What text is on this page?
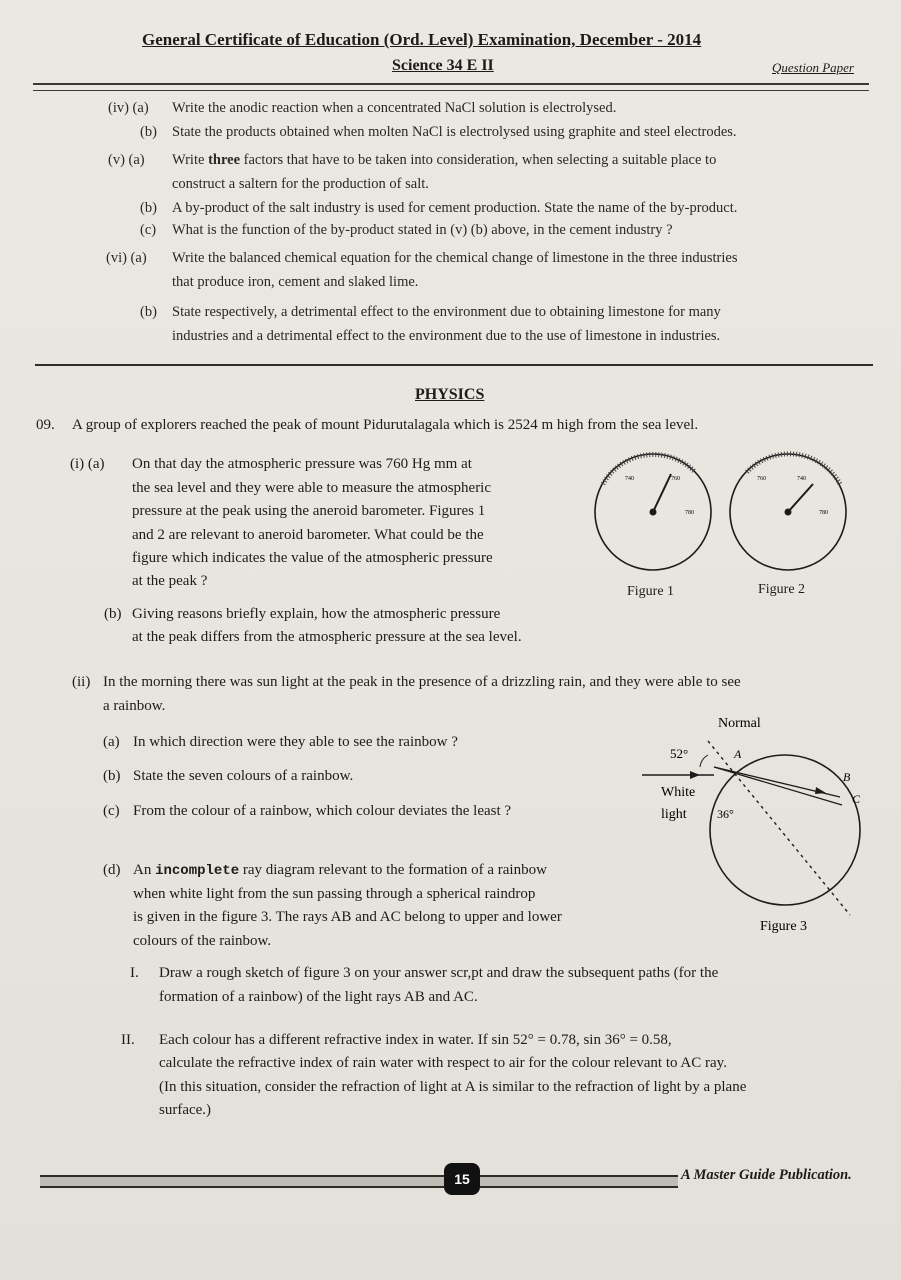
General Certificate of Education (Ord. Level) Examination, December - 2014
Science 34 E II	Question Paper
(iv) (a) Write the anodic reaction when a concentrated NaCl solution is electrolysed.
(b) State the products obtained when molten NaCl is electrolysed using graphite and steel electrodes.
(v) (a) Write three factors that have to be taken into consideration, when selecting a suitable place to
construct a saltern for the production of salt.
(b) A by-product of the salt industry is used for cement production. State the name of the by-product.
(c) What is the function of the by-product stated in (v) (b) above, in the cement industry ?
(vi) (a) Write the balanced chemical equation for the chemical change of limestone in the three industries
that produce iron, cement and slaked lime.
(b) State respectively, a detrimental effect to the environment due to obtaining limestone for many
industries and a detrimental effect to the environment due to the use of limestone in industries.
PHYSICS
09. A group of explorers reached the peak of mount Pidurutalagala which is 2524 m high from the sea level.
(i) (a) On that day the atmospheric pressure was 760 Hg mm at
the sea level and they were able to measure the atmospheric
pressure at the peak using the aneroid barometer. Figures 1
and 2 are relevant to aneroid barometer. What could be the
figure which indicates the value of the atmospheric pressure
at the peak ?
(b) Giving reasons briefly explain, how the atmospheric pressure
at the peak differs from the atmospheric pressure at the sea level.
740	760
780
760	740
780
Figure 1	Figure 2
(ii) In the morning there was sun light at the peak in the presence of a drizzling rain, and they were able to see
a rainbow.
(a) In which direction were they able to see the rainbow ?
(b) State the seven colours of a rainbow.
(c) From the colour of a rainbow, which colour deviates the least ?
(d) An incomplete ray diagram relevant to the formation of a rainbow
when white light from the sun passing through a spherical raindrop
is given in the figure 3. The rays AB and AC belong to upper and lower
colours of the rainbow.
Normal
52°	A
B
C
White
light	36°
Figure 3
I. Draw a rough sketch of figure 3 on your answer scr,pt and draw the subsequent paths (for the
formation of a rainbow) of the light rays AB and AC.
II. Each colour has a different refractive index in water. If sin 52° = 0.78, sin 36° = 0.58,
calculate the refractive index of rain water with respect to air for the colour relevant to AC ray.
(In this situation, consider the refraction of light at A is similar to the refraction of light by a plane
surface.)
15	A Master Guide Publication.
